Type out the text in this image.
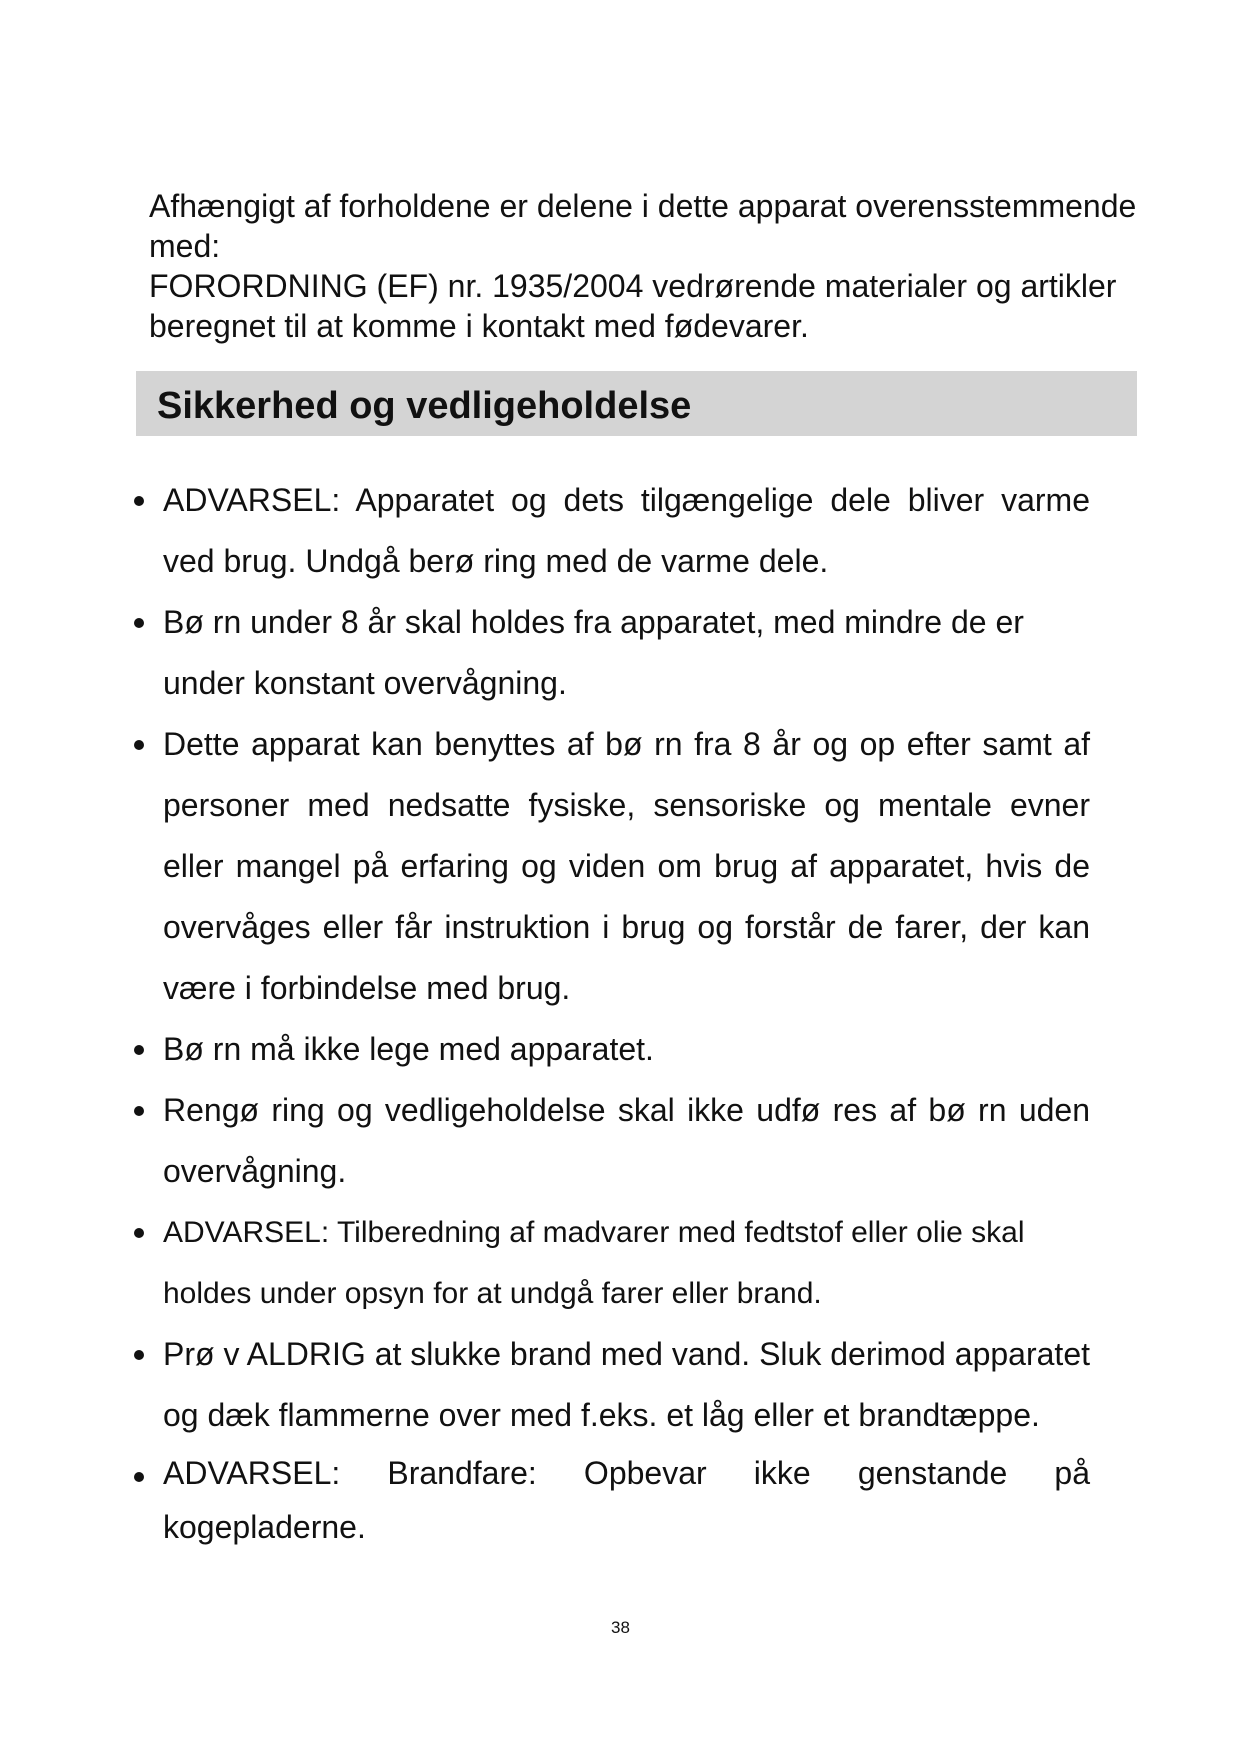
Afhængigt af forholdene er delene i dette apparat overensstemmende med:

FORORDNING (EF) nr. 1935/2004 vedrørende materialer og artikler beregnet til at komme i kontakt med fødevarer.

Sikkerhed og vedligeholdelse
ADVARSEL: Apparatet og dets tilgængelige dele bliver varme ved brug. Undgå berø ring med de varme dele.
Bø rn under 8 år skal holdes fra apparatet, med mindre de er under konstant overvågning.
Dette apparat kan benyttes af bø rn fra 8 år og op efter samt af personer med nedsatte fysiske, sensoriske og mentale evner eller mangel på erfaring og viden om brug af apparatet, hvis de overvåges eller får instruktion i brug og forstår de farer, der kan være i forbindelse med brug.
Bø rn må ikke lege med apparatet.
Rengø ring og vedligeholdelse skal ikke udfø res af bø rn uden overvågning.
ADVARSEL: Tilberedning af madvarer med fedtstof eller olie skal holdes under opsyn for at undgå farer eller brand.
Prø v ALDRIG at slukke brand med vand. Sluk derimod apparatet og dæk flammerne over med f.eks. et låg eller et brandtæppe.
ADVARSEL: Brandfare: Opbevar ikke genstande på kogepladerne.
38
